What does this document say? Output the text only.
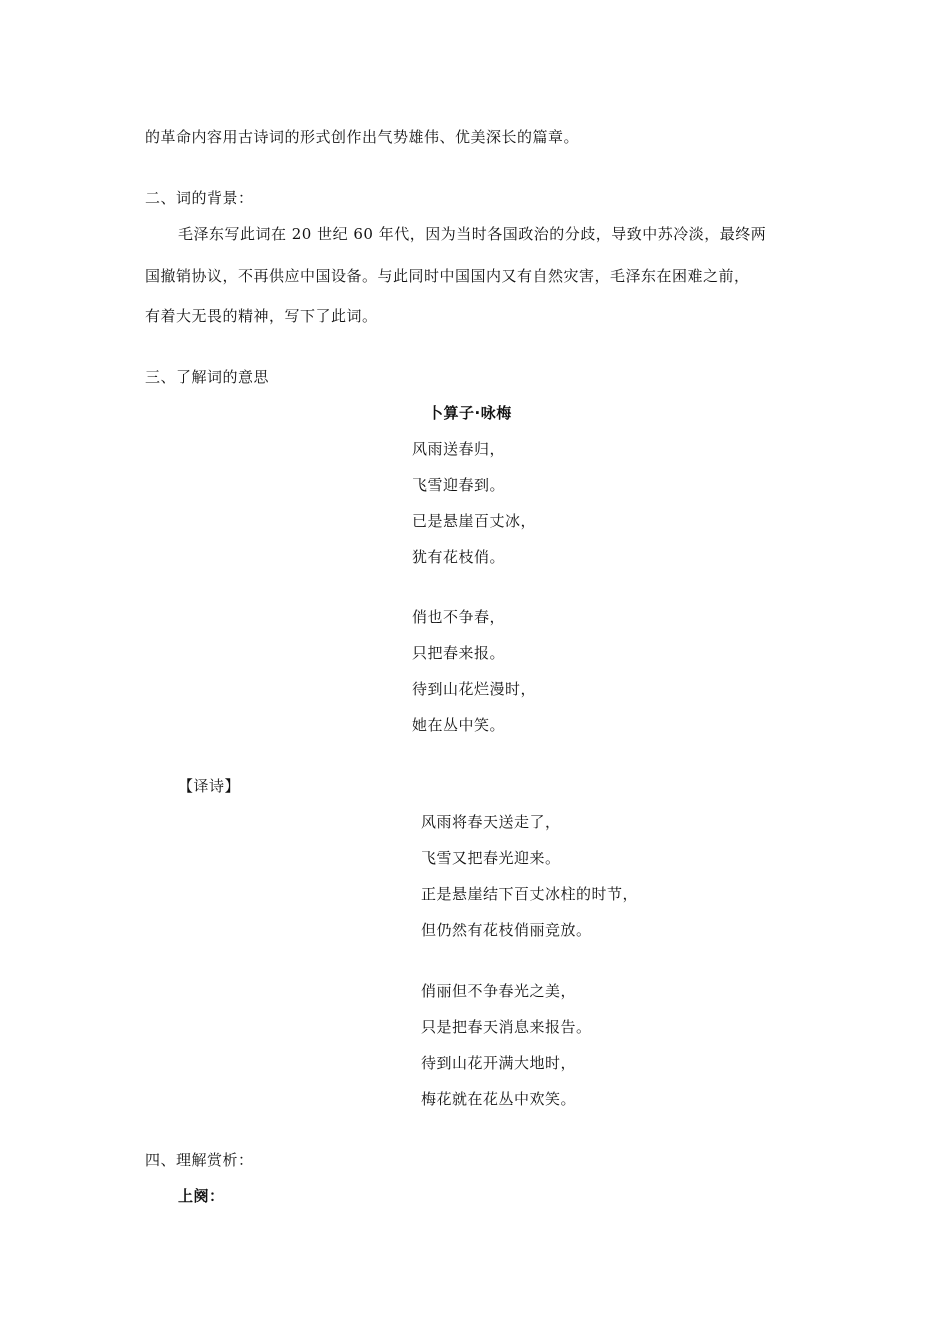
的革命内容用古诗词的形式创作出气势雄伟、优美深长的篇章。
二、词的背景：
毛泽东写此词在 20 世纪 60 年代，因为当时各国政治的分歧，导致中苏冷淡，最终两
国撤销协议，不再供应中国设备。与此同时中国国内又有自然灾害，毛泽东在困难之前，
有着大无畏的精神，写下了此词。
三、了解词的意思
卜算子·咏梅
风雨送春归，
飞雪迎春到。
已是悬崖百丈冰，
犹有花枝俏。
俏也不争春，
只把春来报。
待到山花烂漫时，
她在丛中笑。
【译诗】
风雨将春天送走了，
飞雪又把春光迎来。
正是悬崖结下百丈冰柱的时节，
但仍然有花枝俏丽竞放。
俏丽但不争春光之美，
只是把春天消息来报告。
待到山花开满大地时，
梅花就在花丛中欢笑。
四、理解赏析：
上阕：
